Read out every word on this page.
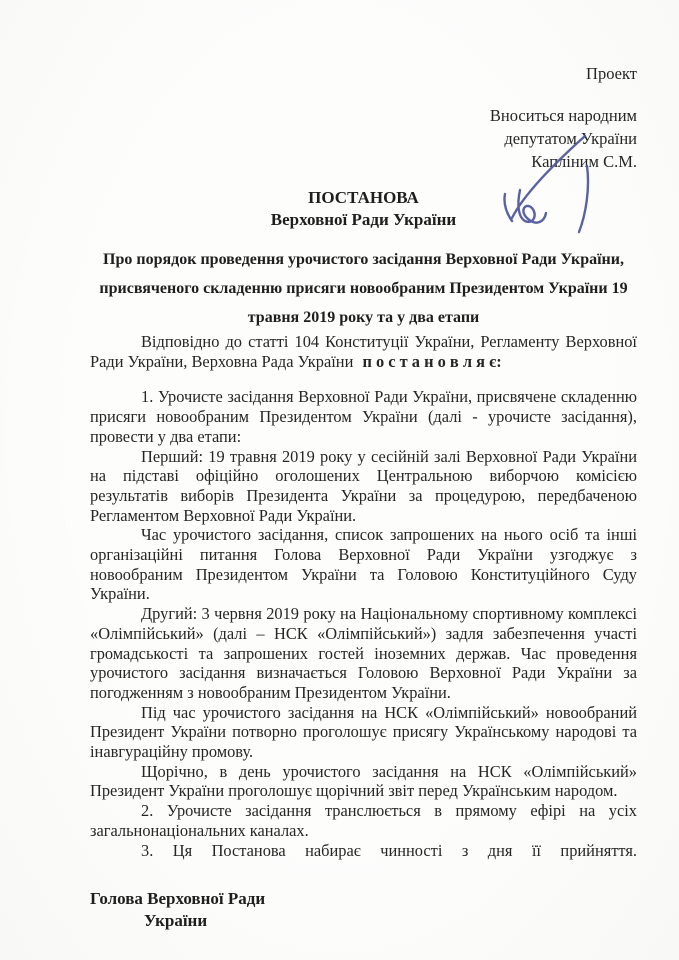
Проект
Вноситься народним
депутатом України
Капліним С.М.
ПОСТАНОВА
Верховної Ради України
Про порядок проведення урочистого засідання Верховної Ради України, присвяченого складенню присяги новообраним Президентом України 19 травня 2019 року та у два етапи

Відповідно до статті 104 Конституції України, Регламенту Верховної Ради України, Верховна Рада України п о с т а н о в л я є:

1. Урочисте засідання Верховної Ради України, присвячене складенню присяги новообраним Президентом України (далі - урочисте засідання), провести у два етапи:

Перший: 19 травня 2019 року у сесійній залі Верховної Ради України на підставі офіційно оголошених Центральною виборчою комісією результатів виборів Президента України за процедурою, передбаченою Регламентом Верховної Ради України.

Час урочистого засідання, список запрошених на нього осіб та інші організаційні питання Голова Верховної Ради України узгоджує з новообраним Президентом України та Головою Конституційного Суду України.

Другий: 3 червня 2019 року на Національному спортивному комплексі «Олімпійський» (далі – НСК «Олімпійський») задля забезпечення участі громадськості та запрошених гостей іноземних держав. Час проведення урочистого засідання визначається Головою Верховної Ради України за погодженням з новообраним Президентом України.

Під час урочистого засідання на НСК «Олімпійський» новообраний Президент України потворно проголошує присягу Українському народові та інавгураційну промову.

Щорічно, в день урочистого засідання на НСК «Олімпійський» Президент України проголошує щорічний звіт перед Українським народом.

2. Урочисте засідання транслюється в прямому ефірі на усіх загальнонаціональних каналах.

3. Ця Постанова набирає чинності з дня її прийняття.

Голова Верховної Ради
України
